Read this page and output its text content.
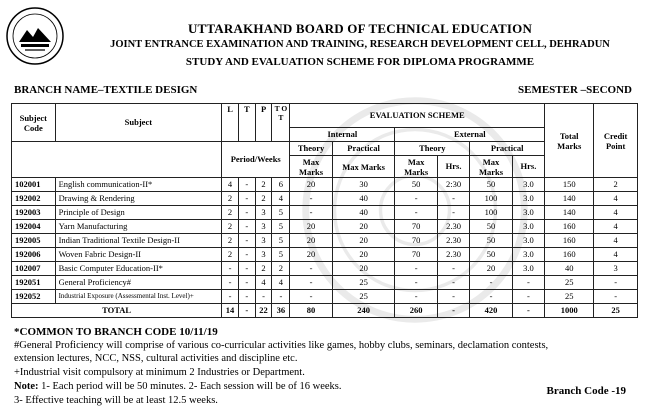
UTTARAKHAND BOARD OF TECHNICAL EDUCATION
JOINT ENTRANCE EXAMINATION AND TRAINING, RESEARCH DEVELOPMENT CELL, DEHRADUN
STUDY AND EVALUATION SCHEME FOR DIPLOMA PROGRAMME
BRANCH NAME–TEXTILE DESIGN	SEMESTER –SECOND
Subject Code	Subject	L	T	P	T O T	EVALUATION SCHEME						Total Marks	Credit Point
						Internal		External					
		Period/Weeks				Theory	Practical	Theory		Practical			
						Max Marks	Max Marks	Max Marks	Hrs.	Max Marks	Hrs.		
102001	English communication-II*	4	-	2	6	20	30	50	2:30	50	3.0	150	2
192002	Drawing & Rendering	2	-	2	4	-	40	-	-	100	3.0	140	4
192003	Principle of Design	2	-	3	5	-	40	-	-	100	3.0	140	4
192004	Yarn Manufacturing	2	-	3	5	20	20	70	2.30	50	3.0	160	4
192005	Indian Traditional Textile Design-II	2	-	3	5	20	20	70	2.30	50	3.0	160	4
192006	Woven Fabric Design-II	2	-	3	5	20	20	70	2.30	50	3.0	160	4
102007	Basic Computer Education-II*	-	-	2	2	-	20	-	-	20	3.0	40	3
192051	General Proficiency#	-	-	4	4	-	25	-	-	-	-	25	-
192052	Industrial Exposure (Assessmental Inst. Level)+	-	-	-	-	-	25	-	-	-	-	25	-
TOTAL		14	-	22	36	80	240	260	-	420	-	1000	25
*COMMON TO BRANCH CODE 10/11/19
#General Proficiency will comprise of various co-curricular activities like games, hobby clubs, seminars, declamation contests,
extension lectures, NCC, NSS, cultural activities and discipline etc.
+Industrial visit compulsory at minimum 2 Industries or Department.
Note: 1- Each period will be 50 minutes. 2- Each session will be of 16 weeks.
3- Effective teaching will be at least 12.5 weeks.
Branch Code -19
